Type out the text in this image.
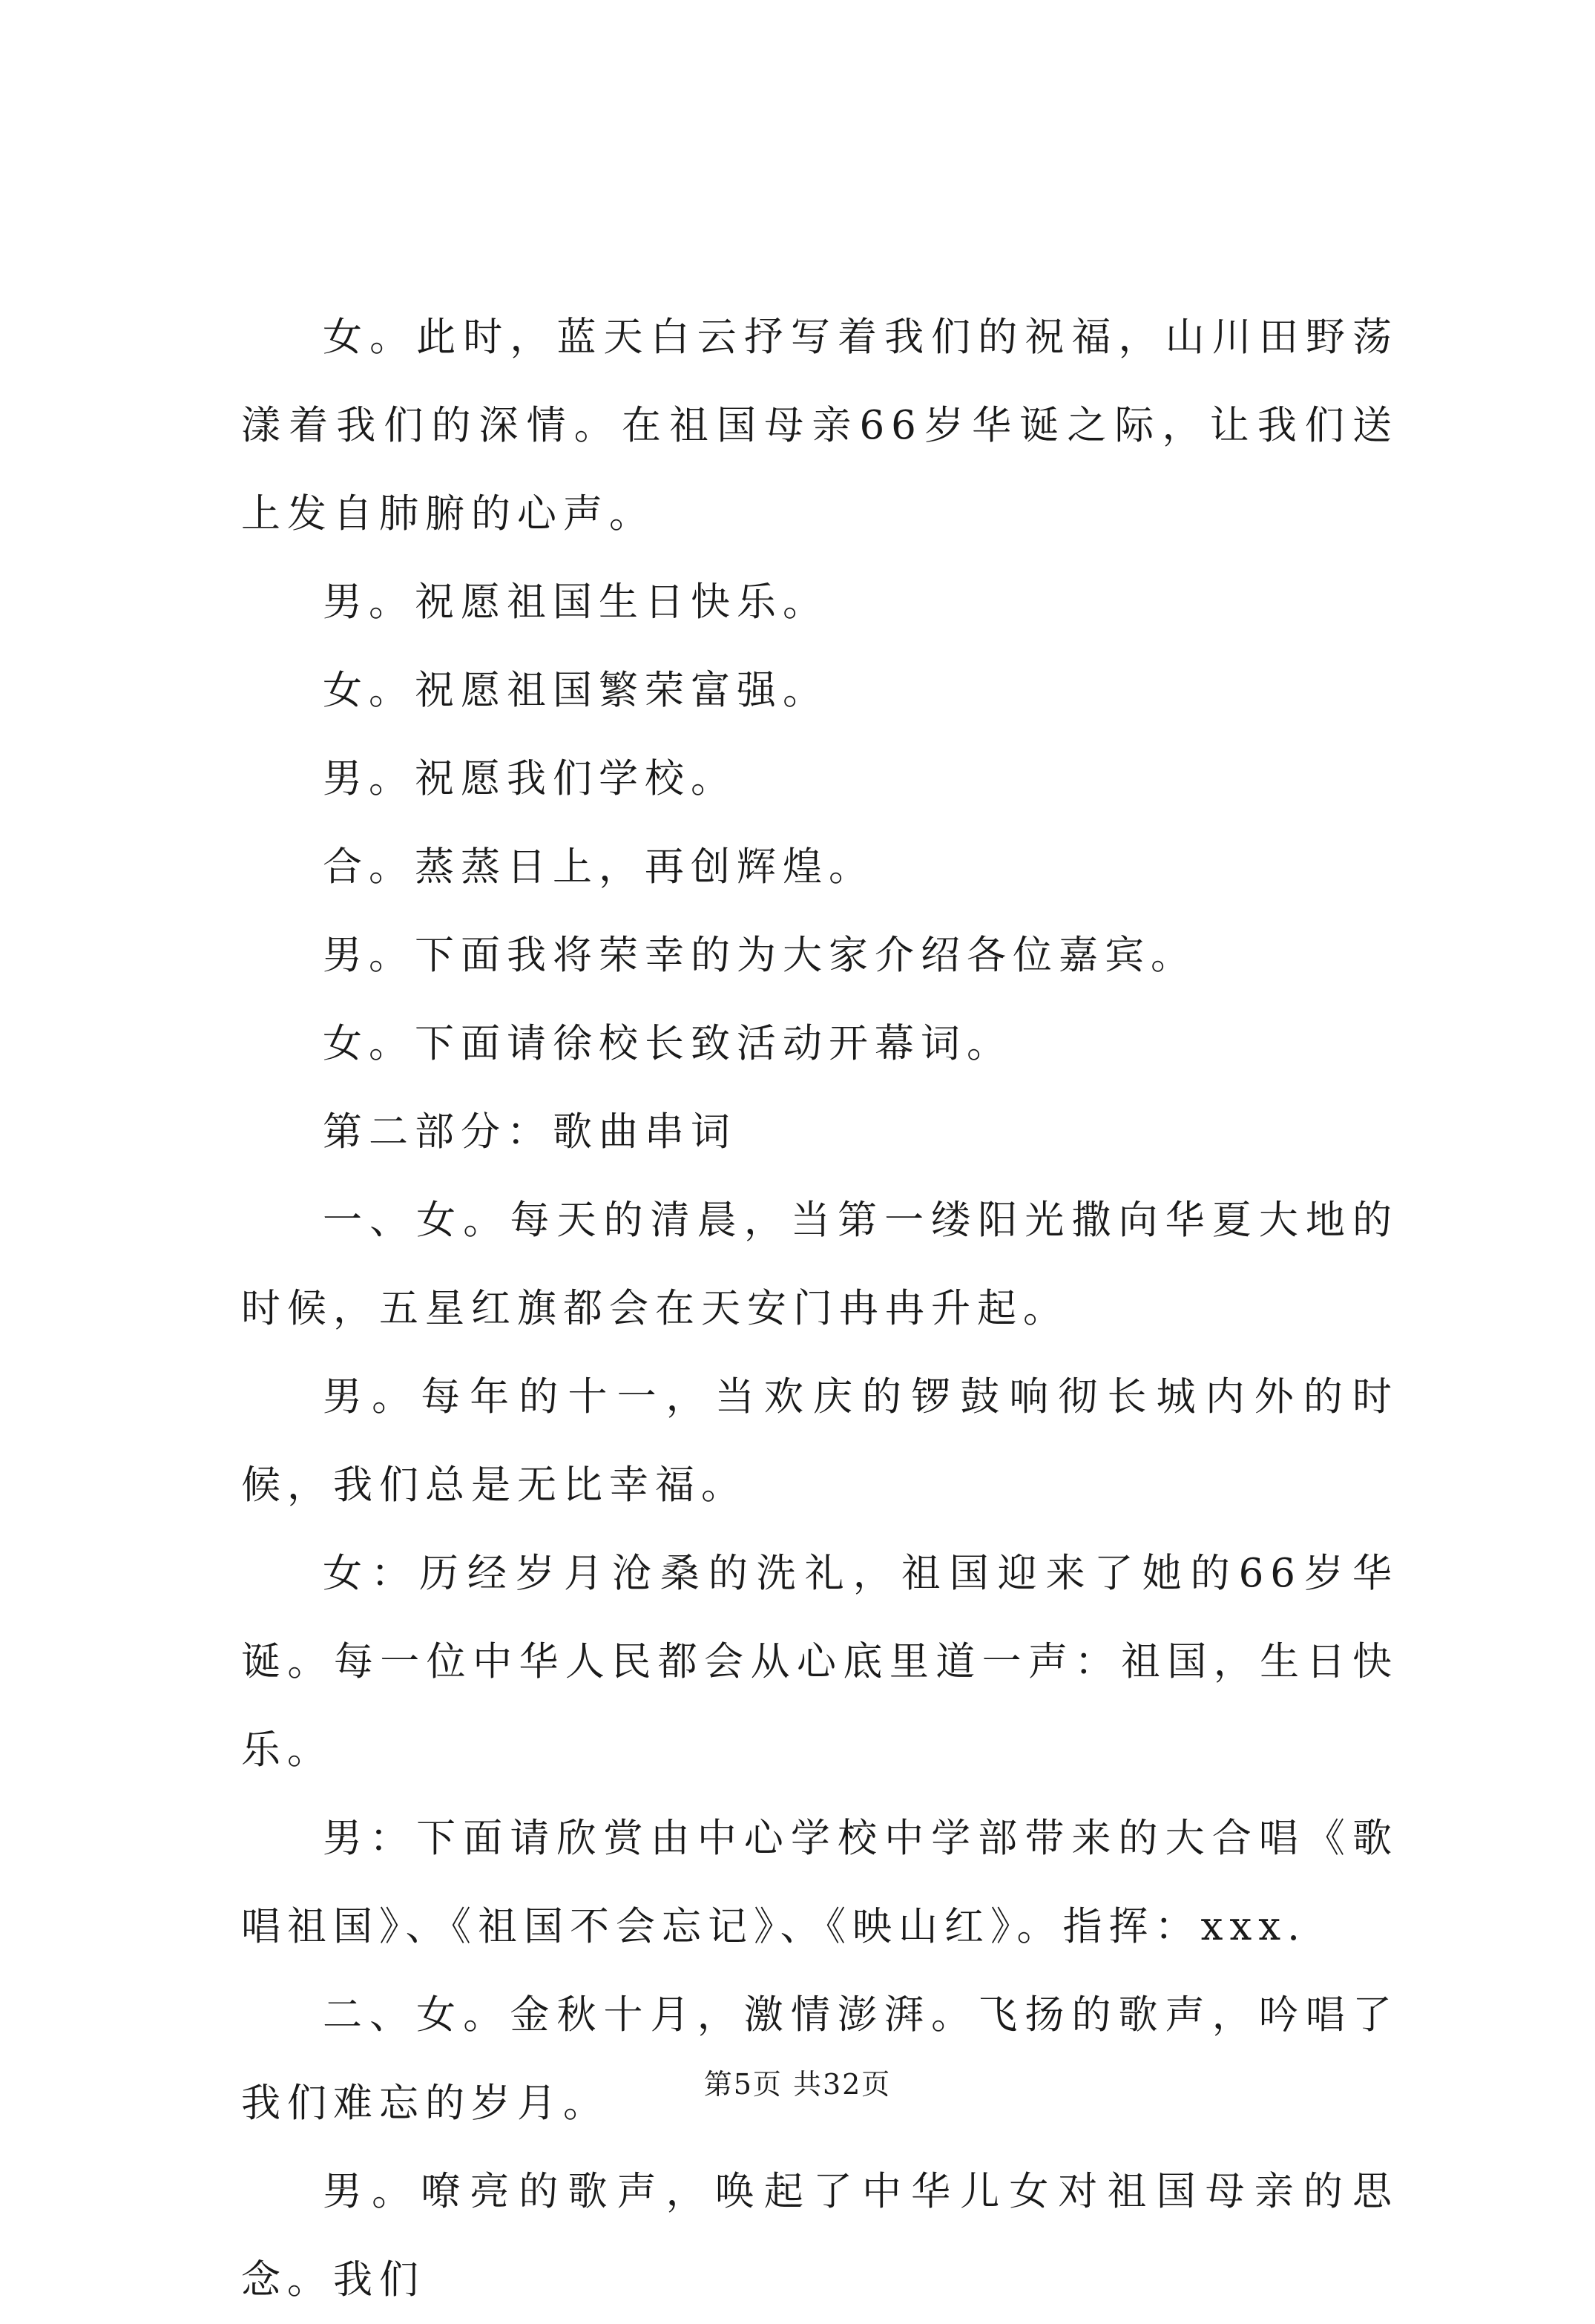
女。此时，蓝天白云抒写着我们的祝福，山川田野荡漾着我们的深情。在祖国母亲66岁华诞之际，让我们送上发自肺腑的心声。

男。祝愿祖国生日快乐。

女。祝愿祖国繁荣富强。

男。祝愿我们学校。

合。蒸蒸日上，再创辉煌。

男。下面我将荣幸的为大家介绍各位嘉宾。

女。下面请徐校长致活动开幕词。

第二部分：歌曲串词

一、女。每天的清晨，当第一缕阳光撒向华夏大地的时候，五星红旗都会在天安门冉冉升起。

男。每年的十一，当欢庆的锣鼓响彻长城内外的时候，我们总是无比幸福。

女：历经岁月沧桑的洗礼，祖国迎来了她的66岁华诞。每一位中华人民都会从心底里道一声：祖国，生日快乐。

男：下面请欣赏由中心学校中学部带来的大合唱《歌唱祖国》、《祖国不会忘记》、《映山红》。指挥：xxx.

二、女。金秋十月，激情澎湃。飞扬的歌声，吟唱了我们难忘的岁月。

男。嘹亮的歌声，唤起了中华儿女对祖国母亲的思念。我们

第5页 共32页
